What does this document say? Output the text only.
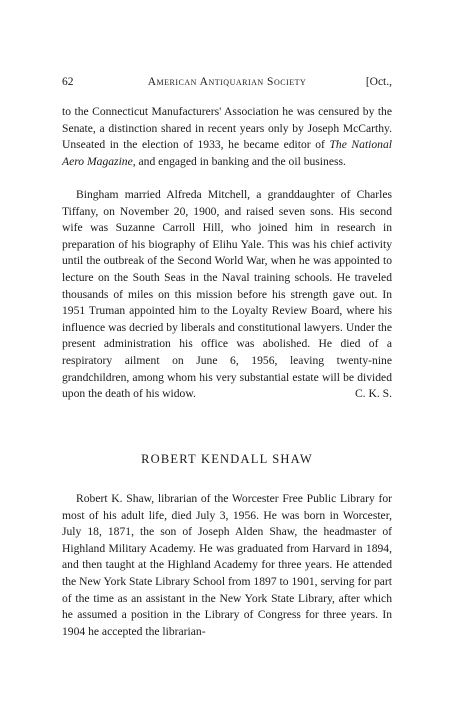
62	American Antiquarian Society	[Oct.,

to the Connecticut Manufacturers' Association he was censured by the Senate, a distinction shared in recent years only by Joseph McCarthy. Unseated in the election of 1933, he became editor of The National Aero Magazine, and engaged in banking and the oil business.

Bingham married Alfreda Mitchell, a granddaughter of Charles Tiffany, on November 20, 1900, and raised seven sons. His second wife was Suzanne Carroll Hill, who joined him in research in preparation of his biography of Elihu Yale. This was his chief activity until the outbreak of the Second World War, when he was appointed to lecture on the South Seas in the Naval training schools. He traveled thousands of miles on this mission before his strength gave out. In 1951 Truman appointed him to the Loyalty Review Board, where his influence was decried by liberals and constitutional lawyers. Under the present administration his office was abolished. He died of a respiratory ailment on June 6, 1956, leaving twenty-nine grandchildren, among whom his very substantial estate will be divided upon the death of his widow.	C. K. S.

ROBERT KENDALL SHAW

Robert K. Shaw, librarian of the Worcester Free Public Library for most of his adult life, died July 3, 1956. He was born in Worcester, July 18, 1871, the son of Joseph Alden Shaw, the headmaster of Highland Military Academy. He was graduated from Harvard in 1894, and then taught at the Highland Academy for three years. He attended the New York State Library School from 1897 to 1901, serving for part of the time as an assistant in the New York State Library, after which he assumed a position in the Library of Congress for three years. In 1904 he accepted the librarian-
